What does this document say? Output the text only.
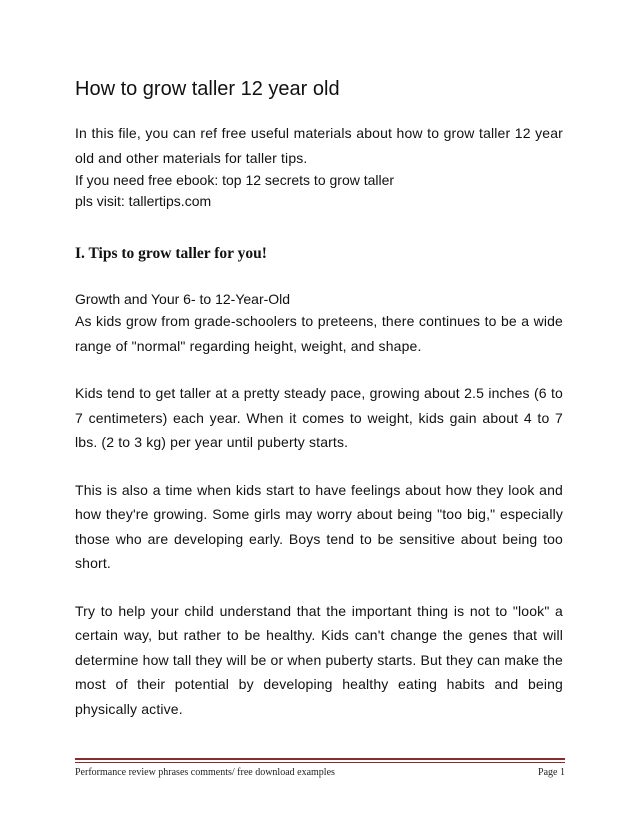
How to grow taller 12 year old

In this file, you can ref free useful materials about how to grow taller 12 year old and other materials for taller tips.

If you need free ebook: top 12 secrets to grow taller

pls visit: tallertips.com

I. Tips to grow taller for you!

Growth and Your 6- to 12-Year-Old

As kids grow from grade-schoolers to preteens, there continues to be a wide range of "normal" regarding height, weight, and shape.

Kids tend to get taller at a pretty steady pace, growing about 2.5 inches (6 to 7 centimeters) each year. When it comes to weight, kids gain about 4 to 7 lbs. (2 to 3 kg) per year until puberty starts.

This is also a time when kids start to have feelings about how they look and how they're growing. Some girls may worry about being "too big," especially those who are developing early. Boys tend to be sensitive about being too short.

Try to help your child understand that the important thing is not to "look" a certain way, but rather to be healthy. Kids can't change the genes that will determine how tall they will be or when puberty starts. But they can make the most of their potential by developing healthy eating habits and being physically active.

Performance review phrases comments/ free download examples	Page 1
